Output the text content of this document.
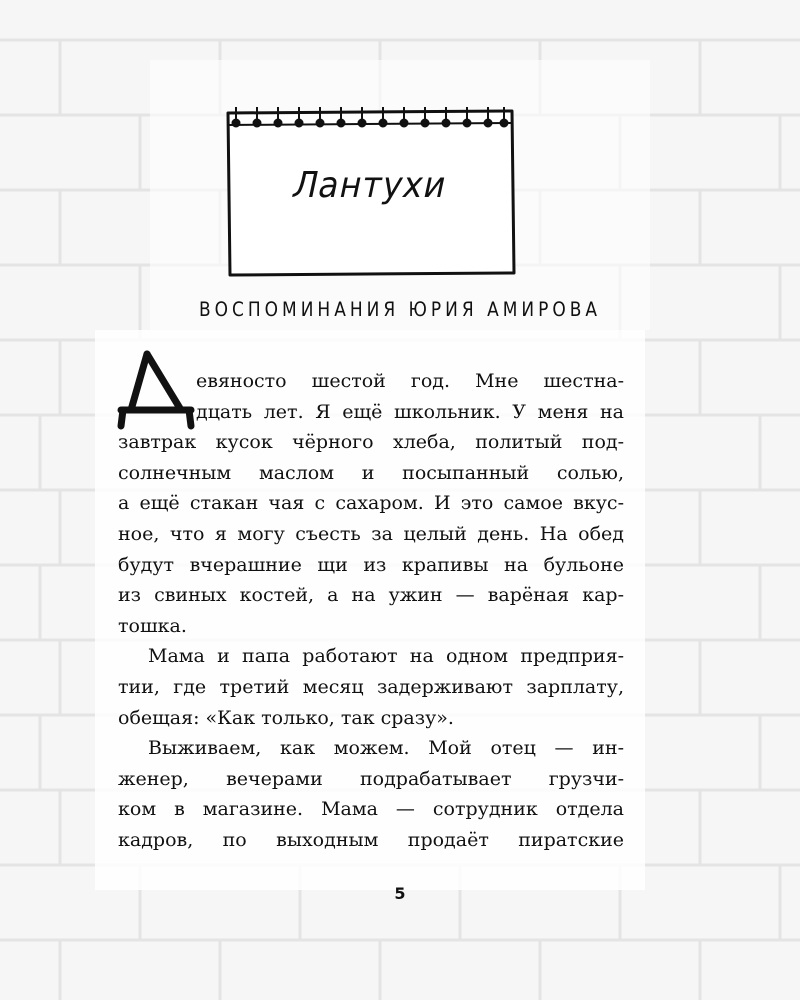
Лантухи
ВОСПОМИНАНИЯ ЮРИЯ АМИРОВА
евяносто шестой год. Мне шестна-
дцать лет. Я ещё школьник. У меня на
завтрак кусок чёрного хлеба, политый под-
солнечным маслом и посыпанный солью,
а ещё стакан чая с сахаром. И это самое вкус-
ное, что я могу съесть за целый день. На обед
будут вчерашние щи из крапивы на бульоне
из свиных костей, а на ужин — варёная кар-
тошка.
Мама и папа работают на одном предприя-
тии, где третий месяц задерживают зарплату,
обещая: «Как только, так сразу».
Выживаем, как можем. Мой отец — ин-
женер, вечерами подрабатывает грузчи-
ком в магазине. Мама — сотрудник отдела
кадров, по выходным продаёт пиратские
5
